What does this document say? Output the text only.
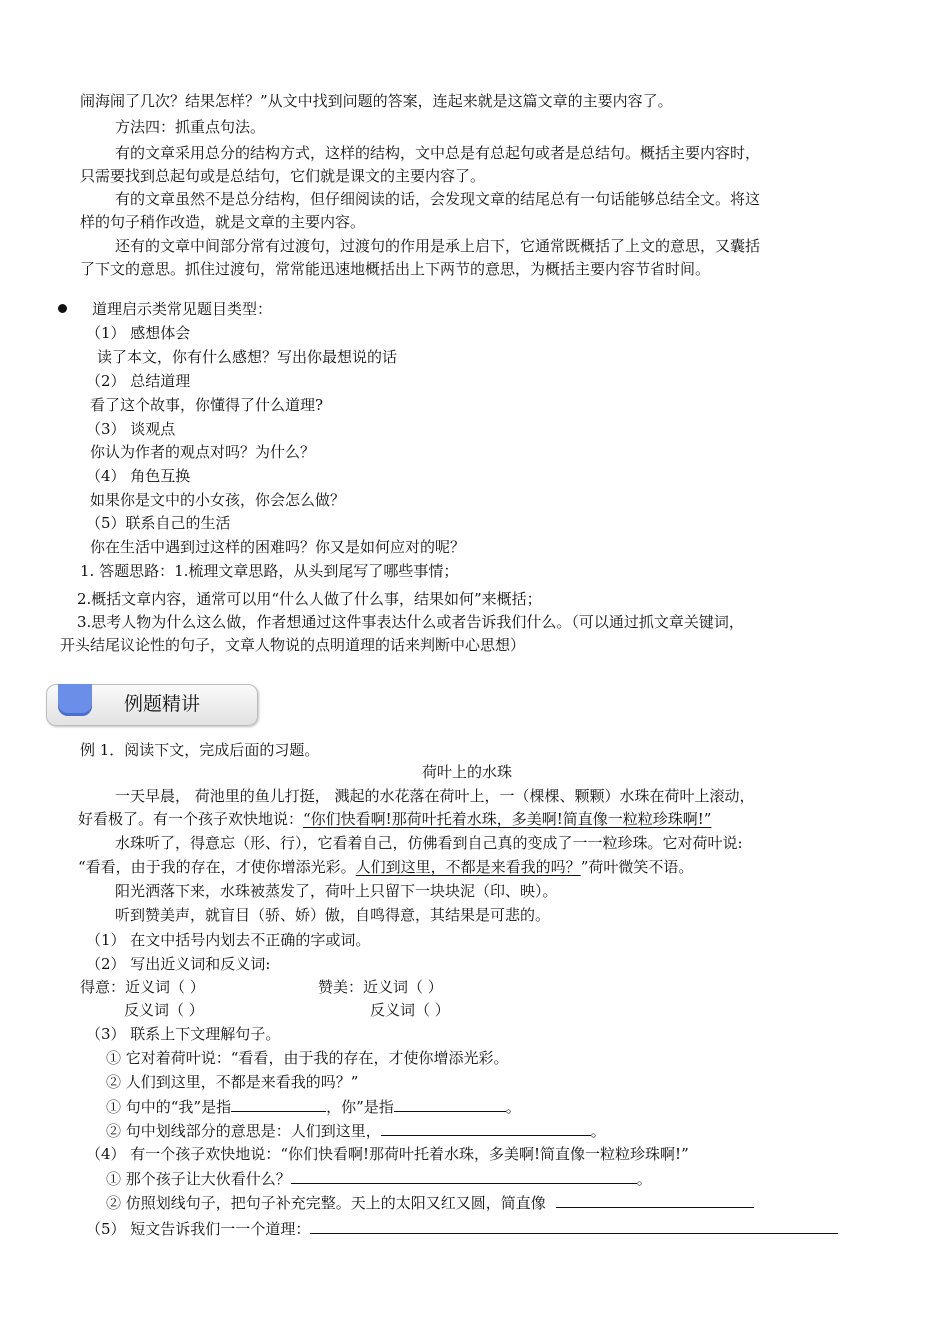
闹海闹了几次？结果怎样？”从文中找到问题的答案，连起来就是这篇文章的主要内容了。
方法四：抓重点句法。
有的文章采用总分的结构方式，这样的结构，文中总是有总起句或者是总结句。概括主要内容时，
只需要找到总起句或是总结句，它们就是课文的主要内容了。
有的文章虽然不是总分结构，但仔细阅读的话，会发现文章的结尾总有一句话能够总结全文。将这
样的句子稍作改造，就是文章的主要内容。
还有的文章中间部分常有过渡句，过渡句的作用是承上启下，它通常既概括了上文的意思，又囊括
了下文的意思。抓住过渡句，常常能迅速地概括出上下两节的意思，为概括主要内容节省时间。
道理启示类常见题目类型：
（1） 感想体会
读了本文，你有什么感想？写出你最想说的话
（2） 总结道理
看了这个故事，你懂得了什么道理?
（3） 谈观点
你认为作者的观点对吗？为什么？
（4） 角色互换
如果你是文中的小女孩，你会怎么做？
（5）联系自己的生活
你在生活中遇到过这样的困难吗？你又是如何应对的呢？
1. 答题思路：1.梳理文章思路，从头到尾写了哪些事情；
2.概括文章内容，通常可以用“什么人做了什么事，结果如何”来概括；
3.思考人物为什么这么做，作者想通过这件事表达什么或者告诉我们什么。（可以通过抓文章关键词，
开头结尾议论性的句子，文章人物说的点明道理的话来判断中心思想）
例题精讲
例 1．阅读下文，完成后面的习题。
荷叶上的水珠
一天早晨， 荷池里的鱼儿打挺， 溅起的水花落在荷叶上，一（棵棵、颗颗）水珠在荷叶上滚动，
好看极了。有一个孩子欢快地说：“你们快看啊!那荷叶托着水珠，多美啊!简直像一粒粒珍珠啊!”
水珠听了，得意忘（形、行），它看着自己，仿佛看到自己真的变成了一一粒珍珠。它对荷叶说:
“看看，由于我的存在，才使你增添光彩。人们到这里，不都是来看我的吗？”荷叶微笑不语。
阳光洒落下来，水珠被蒸发了，荷叶上只留下一块块泥（印、映）。
听到赞美声，就盲目（骄、娇）傲，自鸣得意，其结果是可悲的。
（1） 在文中括号内划去不正确的字或词。
（2） 写出近义词和反义词:
得意：近义词（ ）	赞美：近义词（ ）
反义词（ ）	反义词（ ）
（3） 联系上下文理解句子。
① 它对着荷叶说：“看看，由于我的存在，才使你增添光彩。
② 人们到这里，不都是来看我的吗？”
① 句中的“我”是指	，你”是指	。
② 句中划线部分的意思是：人们到这里，	。
（4） 有一个孩子欢快地说：“你们快看啊!那荷叶托着水珠，多美啊!简直像一粒粒珍珠啊!”
① 那个孩子让大伙看什么？	。
② 仿照划线句子，把句子补充完整。天上的太阳又红又圆，简直像
（5） 短文告诉我们一一个道理：
